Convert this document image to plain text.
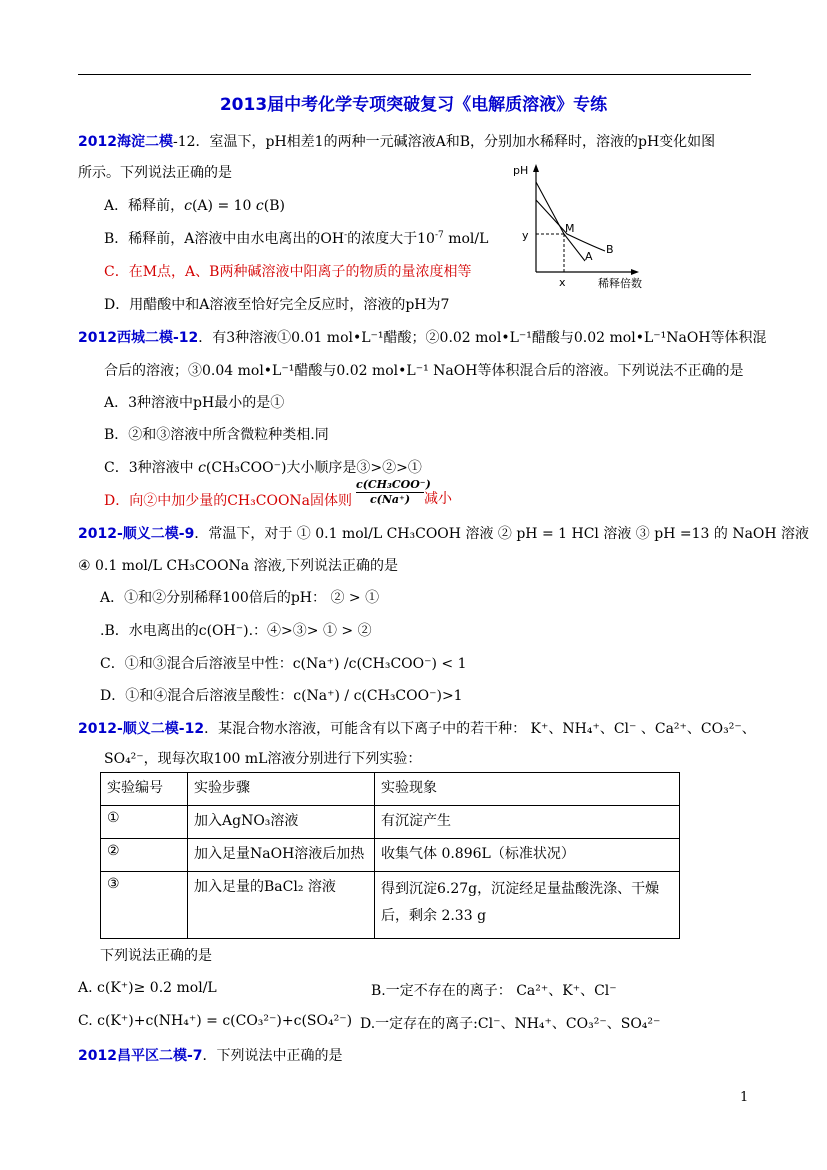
2013届中考化学专项突破复习《电解质溶液》专练
2012海淀二模-12．室温下，pH相差1的两种一元碱溶液A和B，分别加水稀释时，溶液的pH变化如图
所示。下列说法正确的是
A．稀释前，c(A) = 10 c(B)
B．稀释前，A溶液中由水电离出的OH-的浓度大于$10^{-7}$ mol/L
C．在M点，A、B两种碱溶液中阳离子的物质的量浓度相等
D．用醋酸中和A溶液至恰好完全反应时，溶液的pH为7
pH
y
x
M
A
B
稀释倍数
2012西城二模-12．有3种溶液①0.01 mol•L⁻¹醋酸；②0.02 mol•L⁻¹醋酸与0.02 mol•L⁻¹NaOH等体积混
合后的溶液；③0.04 mol•L⁻¹醋酸与0.02 mol•L⁻¹ NaOH等体积混合后的溶液。下列说法不正确的是
A．3种溶液中pH最小的是①
B．②和③溶液中所含微粒种类相.同
C．3种溶液中 c(CH₃COO⁻)大小顺序是③>②>①
D．向②中加少量的CH₃COONa固体则
c(CH₃COO⁻)
c(Na⁺) 减小
2012-顺义二模-9．常温下，对于 ① 0.1 mol/L CH₃COOH 溶液 ② pH = 1 HCl 溶液 ③ pH =13 的 NaOH 溶液
④ 0.1 mol/L CH₃COONa 溶液,下列说法正确的是
A．①和②分别稀释100倍后的pH： ② > ①
.B．水电离出的c(OH⁻).：④>③> ① > ②
C．①和③混合后溶液呈中性：c(Na⁺) /c(CH₃COO⁻) < 1
D．①和④混合后溶液呈酸性：c(Na⁺) / c(CH₃COO⁻)>1
2012-顺义二模-12．某混合物水溶液，可能含有以下离子中的若干种： K⁺、NH₄⁺、Cl⁻ 、Ca²⁺、CO₃²⁻、
SO₄²⁻，现每次取100 mL溶液分别进行下列实验：
实验编号	实验步骤	实验现象
①	加入AgNO₃溶液	有沉淀产生
②	加入足量NaOH溶液后加热	收集气体 0.896L（标准状况）
③	加入足量的BaCl₂ 溶液	得到沉淀6.27g，沉淀经足量盐酸洗涤、干燥后，剩余 2.33 g
下列说法正确的是
A. c(K⁺)≥ 0.2 mol/L	B.一定不存在的离子： Ca²⁺、K⁺、Cl⁻
C. c(K⁺)+c(NH₄⁺) = c(CO₃²⁻)+c(SO₄²⁻) D.一定存在的离子:Cl⁻、NH₄⁺、CO₃²⁻、SO₄²⁻
2012昌平区二模-7．下列说法中正确的是
1
